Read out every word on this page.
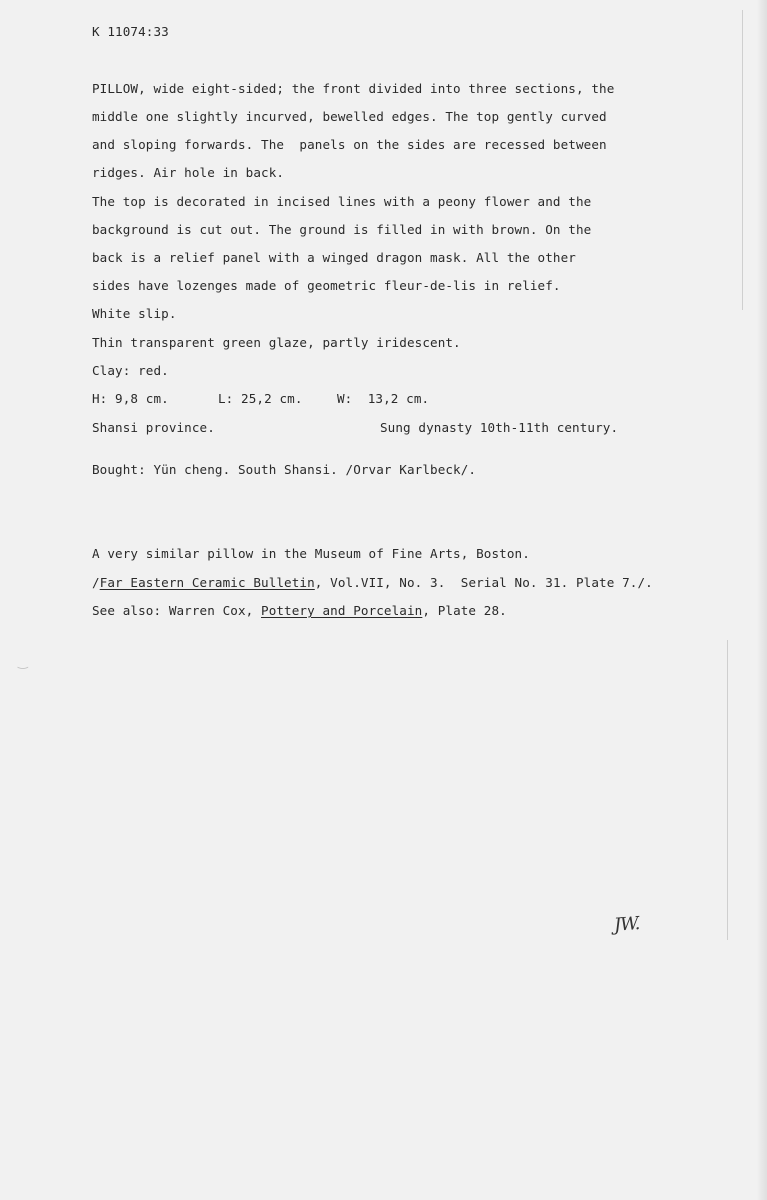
‿
K 11074:33
PILLOW, wide eight-sided; the front divided into three sections, the
middle one slightly incurved, bewelled edges. The top gently curved
and sloping forwards. The  panels on the sides are recessed between
ridges. Air hole in back.
The top is decorated in incised lines with a peony flower and the
background is cut out. The ground is filled in with brown. On the
back is a relief panel with a winged dragon mask. All the other
sides have lozenges made of geometric fleur-de-lis in relief.
White slip.
Thin transparent green glaze, partly iridescent.
Clay: red.
H: 9,8 cm.	L: 25,2 cm.	W:  13,2 cm.
Shansi province.	Sung dynasty 10th-11th century.
Bought: Yün cheng. South Shansi. /Orvar Karlbeck/.
A very similar pillow in the Museum of Fine Arts, Boston.
/Far Eastern Ceramic Bulletin, Vol.VII, No. 3.  Serial No. 31. Plate 7./.
See also: Warren Cox, Pottery and Porcelain, Plate 28.
JW.
